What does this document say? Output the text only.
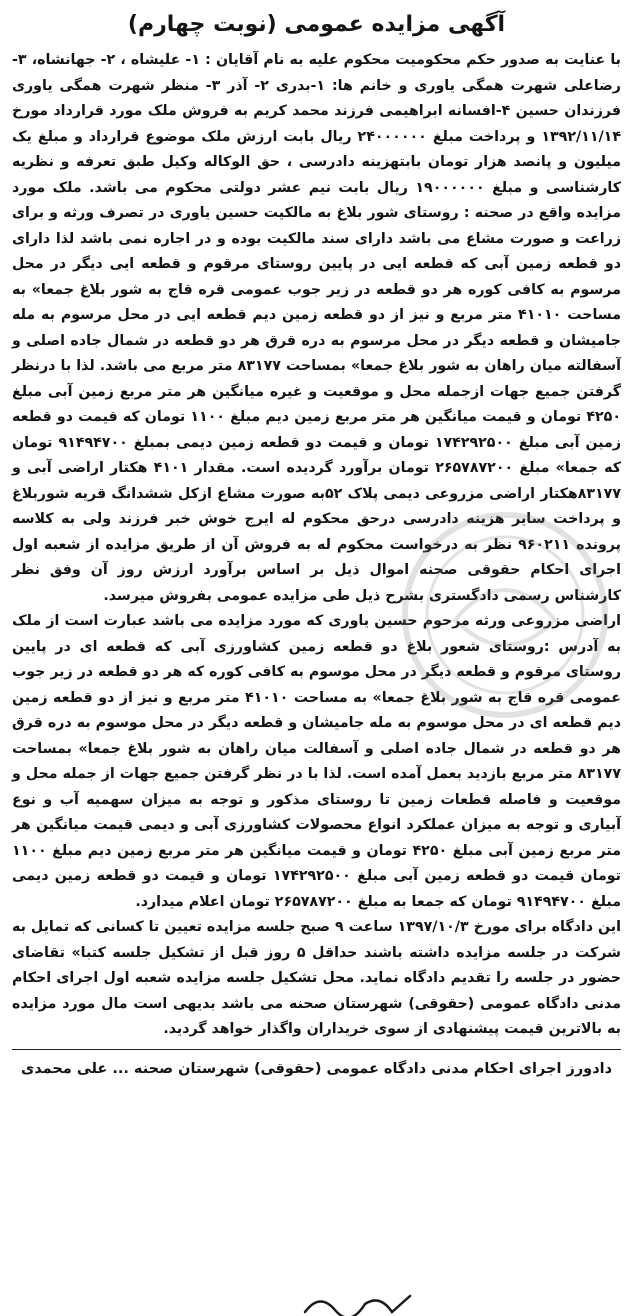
آگهی مزایده عمومی (نوبت چهارم)

با عنایت به صدور حکم محکومیت محکوم علیه به نام آقایان : ۱- علیشاه ، ۲- جهانشاه، ۳- رضاعلی شهرت همگی یاوری و خانم ها: ۱-بدری ۲- آذر ۳- منظر شهرت همگی یاوری فرزندان حسین ۴-افسانه ابراهیمی فرزند محمد کریم به فروش ملک مورد قرارداد مورخ ۱۳۹۲/۱۱/۱۴ و پرداخت مبلغ ۲۴۰۰۰۰۰۰ ریال بابت ارزش ملک موضوع قرارداد و مبلغ یک میلیون و پانصد هزار تومان بابتهزینه دادرسی ، حق الوکاله وکیل طبق تعرفه و نظریه کارشناسی و مبلغ ۱۹۰۰۰۰۰۰ ریال بابت نیم عشر دولتی محکوم می باشد. ملک مورد مزایده واقع در صحنه : روستای شور بلاغ به مالکیت حسین یاوری در تصرف ورثه و برای زراعت و صورت مشاع می باشد دارای سند مالکیت بوده و در اجاره نمی باشد لذا دارای دو قطعه زمین آبی که قطعه ایی در پایین روستای مرقوم و قطعه ایی دیگر در محل مرسوم به کافی کوره هر دو قطعه در زیر جوب عمومی قره قاج به شور بلاغ جمعا» به مساحت ۴۱۰۱۰ متر مربع و نیز از دو قطعه زمین دیم قطعه ایی در محل مرسوم به مله جامیشان و قطعه دیگر در محل مرسوم به دره قرق هر دو قطعه در شمال جاده اصلی و آسفالته میان راهان به شور بلاغ جمعا» بمساحت ۸۳۱۷۷ متر مربع می باشد. لذا با درنظر گرفتن جمیع جهات ازجمله محل و موقعیت و غیره میانگین هر متر مربع زمین آبی مبلغ ۴۲۵۰ تومان و قیمت میانگین هر متر مربع زمین دیم مبلغ ۱۱۰۰ تومان که قیمت دو قطعه زمین آبی مبلغ ۱۷۴۲۹۲۵۰۰ تومان و قیمت دو قطعه زمین دیمی بمبلغ ۹۱۴۹۴۷۰۰ تومان که جمعا» مبلغ ۲۶۵۷۸۷۲۰۰ تومان برآورد گردیده است. مقدار ۴۱۰۱ هکتار اراضی آبی و ۸۳۱۷۷هکتار اراضی مزروعی دیمی پلاک ۵۲به صورت مشاع ازکل ششدانگ قریه شوربلاغ و پرداخت سایر هزینه دادرسی درحق محکوم له ایرج خوش خبر فرزند ولی به کلاسه پرونده ۹۶۰۲۱۱ نظر به درخواست محکوم له به فروش آن از طریق مزایده از شعبه اول اجرای احکام حقوقی صحنه اموال ذیل بر اساس برآورد ارزش روز آن وفق نظر کارشناس رسمی دادگستری بشرح ذیل طی مزایده عمومی بفروش میرسد.

اراضی مزروعی ورثه مرحوم حسین یاوری که مورد مزایده می باشد عبارت است از ملک به آدرس :روستای شعور بلاغ دو قطعه زمین کشاورزی آبی که قطعه ای در پایین روستای مرقوم و قطعه دیگر در محل موسوم به کافی کوره که هر دو قطعه در زیر جوب عمومی قره قاج به شور بلاغ جمعا» به مساحت ۴۱۰۱۰ متر مربع و نیز از دو قطعه زمین دیم قطعه ای در محل موسوم به مله جامیشان و قطعه دیگر در محل موسوم به دره قرق هر دو قطعه در شمال جاده اصلی و آسفالت میان راهان به شور بلاغ جمعا» بمساحت ۸۳۱۷۷ متر مربع بازدید بعمل آمده است. لذا با در نظر گرفتن جمیع جهات از جمله محل و موقعیت و فاصله قطعات زمین تا روستای مذکور و توجه به میزان سهمیه آب و نوع آبیاری و توجه به میزان عملکرد انواع محصولات کشاورزی آبی و دیمی قیمت میانگین هر متر مربع زمین آبی مبلغ ۴۲۵۰ تومان و قیمت میانگین هر متر مربع زمین دیم مبلغ ۱۱۰۰ تومان قیمت دو قطعه زمین آبی مبلغ ۱۷۴۲۹۲۵۰۰ تومان و قیمت دو قطعه زمین دیمی مبلغ ۹۱۴۹۴۷۰۰ تومان که جمعا به مبلغ ۲۶۵۷۸۷۲۰۰ تومان اعلام میدارد.

این دادگاه برای مورخ ۱۳۹۷/۱۰/۳ ساعت ۹ صبح جلسه مزایده تعیین تا کسانی که تمایل به شرکت در جلسه مزایده داشته باشند حداقل ۵ روز قبل از تشکیل جلسه کتبا» تقاضای حضور در جلسه را تقدیم دادگاه نماید. محل تشکیل جلسه مزایده شعبه اول اجرای احکام مدنی دادگاه عمومی (حقوقی) شهرستان صحنه می باشد بدیهی است مال مورد مزایده به بالاترین قیمت پیشنهادی از سوی خریداران واگذار خواهد گردید.

دادورز اجرای احکام مدنی دادگاه عمومی (حقوقی) شهرستان صحنه ... علی محمدی
